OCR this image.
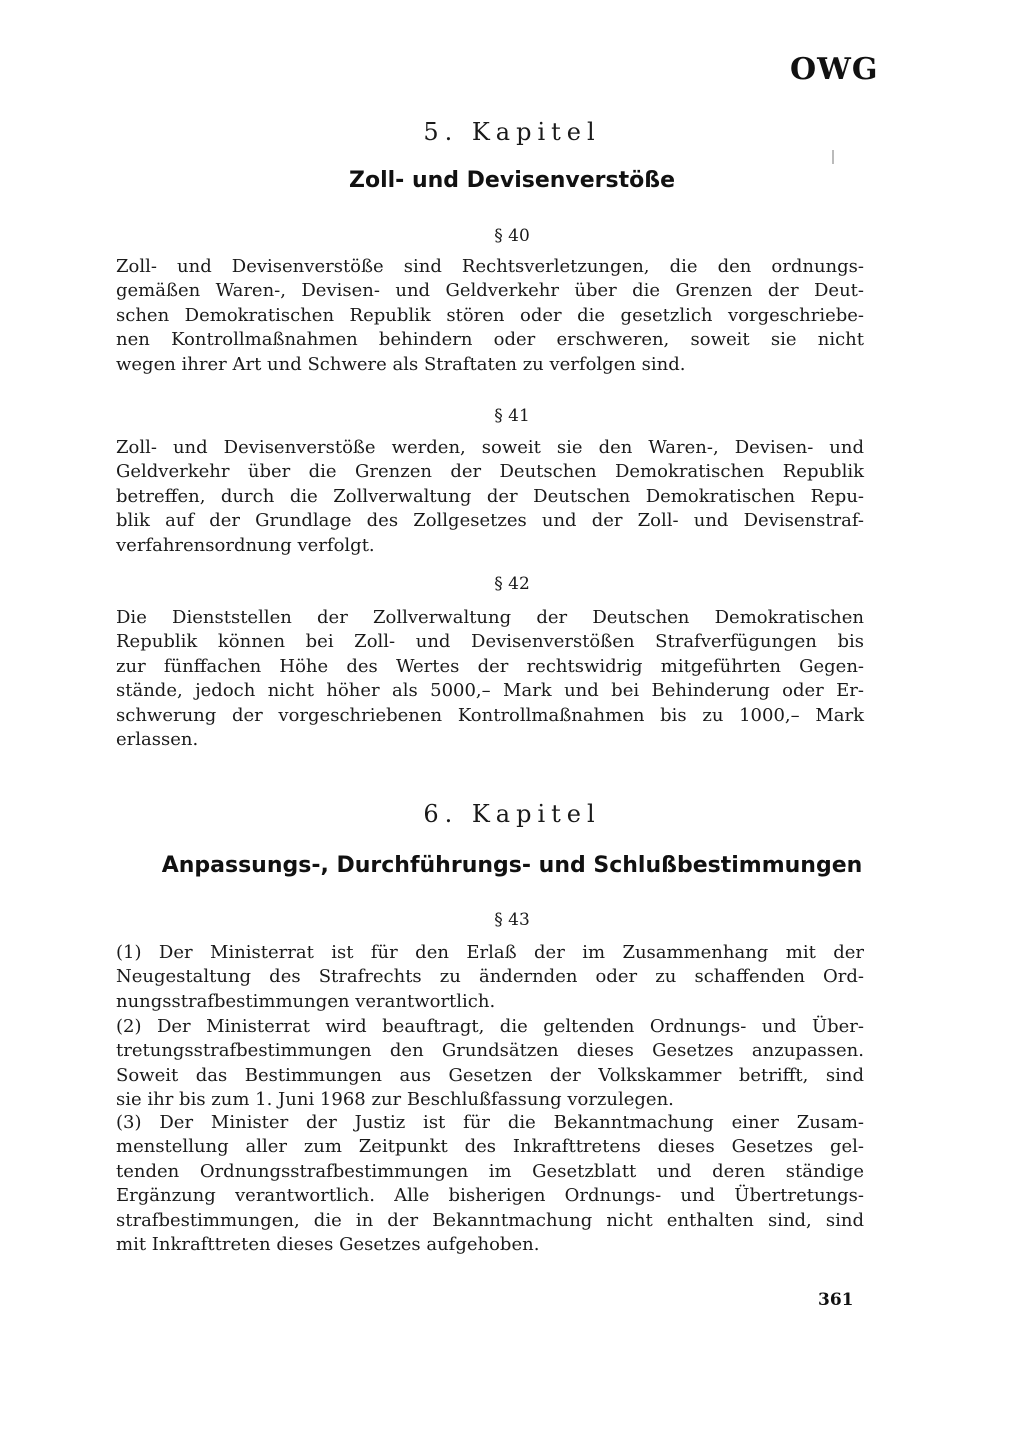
OWG
5. Kapitel
Zoll- und Devisenverstöße
§ 40
Zoll- und Devisenverstöße sind Rechtsverletzungen, die den ordnungs-
gemäßen Waren-, Devisen- und Geldverkehr über die Grenzen der Deut-
schen Demokratischen Republik stören oder die gesetzlich vorgeschriebe-
nen Kontrollmaßnahmen behindern oder erschweren, soweit sie nicht
wegen ihrer Art und Schwere als Straftaten zu verfolgen sind.
§ 41
Zoll- und Devisenverstöße werden, soweit sie den Waren-, Devisen- und
Geldverkehr über die Grenzen der Deutschen Demokratischen Republik
betreffen, durch die Zollverwaltung der Deutschen Demokratischen Repu-
blik auf der Grundlage des Zollgesetzes und der Zoll- und Devisenstraf-
verfahrensordnung verfolgt.
§ 42
Die Dienststellen der Zollverwaltung der Deutschen Demokratischen
Republik können bei Zoll- und Devisenverstößen Strafverfügungen bis
zur fünffachen Höhe des Wertes der rechtswidrig mitgeführten Gegen-
stände, jedoch nicht höher als 5000,– Mark und bei Behinderung oder Er-
schwerung der vorgeschriebenen Kontrollmaßnahmen bis zu 1000,– Mark
erlassen.
6. Kapitel
Anpassungs-, Durchführungs- und Schlußbestimmungen
§ 43
(1) Der Ministerrat ist für den Erlaß der im Zusammenhang mit der
Neugestaltung des Strafrechts zu ändernden oder zu schaffenden Ord-
nungsstrafbestimmungen verantwortlich.
(2) Der Ministerrat wird beauftragt, die geltenden Ordnungs- und Über-
tretungsstrafbestimmungen den Grundsätzen dieses Gesetzes anzupassen.
Soweit das Bestimmungen aus Gesetzen der Volkskammer betrifft, sind
sie ihr bis zum 1. Juni 1968 zur Beschlußfassung vorzulegen.
(3) Der Minister der Justiz ist für die Bekanntmachung einer Zusam-
menstellung aller zum Zeitpunkt des Inkrafttretens dieses Gesetzes gel-
tenden Ordnungsstrafbestimmungen im Gesetzblatt und deren ständige
Ergänzung verantwortlich. Alle bisherigen Ordnungs- und Übertretungs-
strafbestimmungen, die in der Bekanntmachung nicht enthalten sind, sind
mit Inkrafttreten dieses Gesetzes aufgehoben.
361
